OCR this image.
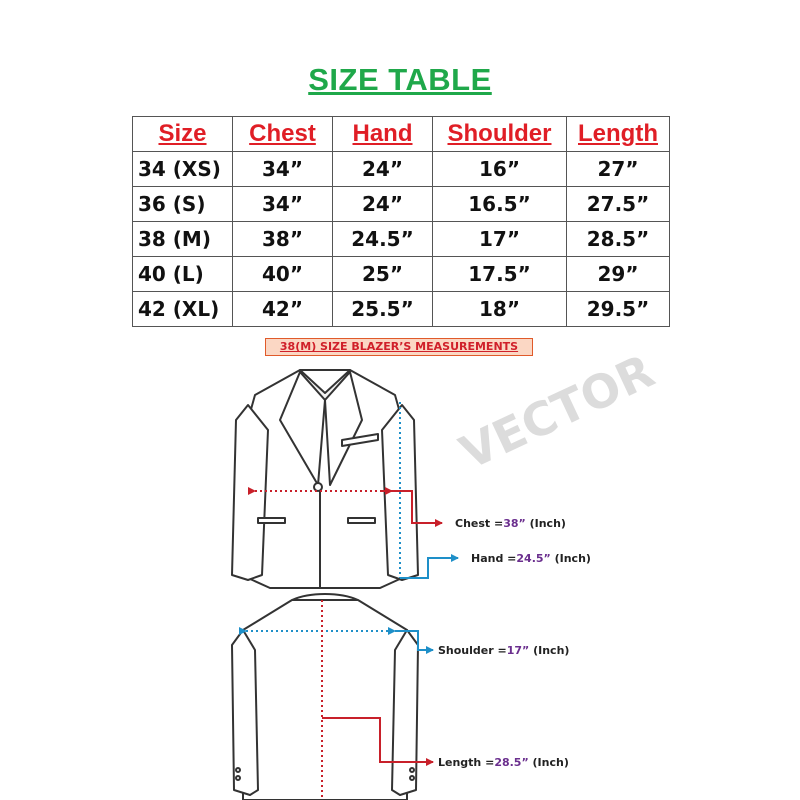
SIZE TABLE
Size	Chest	Hand	Shoulder	Length
34 (XS)	34”	24”	16”	27”
36 (S)	34”	24”	16.5”	27.5”
38 (M)	38”	24.5”	17”	28.5”
40 (L)	40”	25”	17.5”	29”
42 (XL)	42”	25.5”	18”	29.5”
38(M) SIZE BLAZER’S MEASUREMENTS
VECTOR
Chest =38” (Inch)
Hand =24.5” (Inch)
Shoulder =17” (Inch)
Length =28.5” (Inch)
